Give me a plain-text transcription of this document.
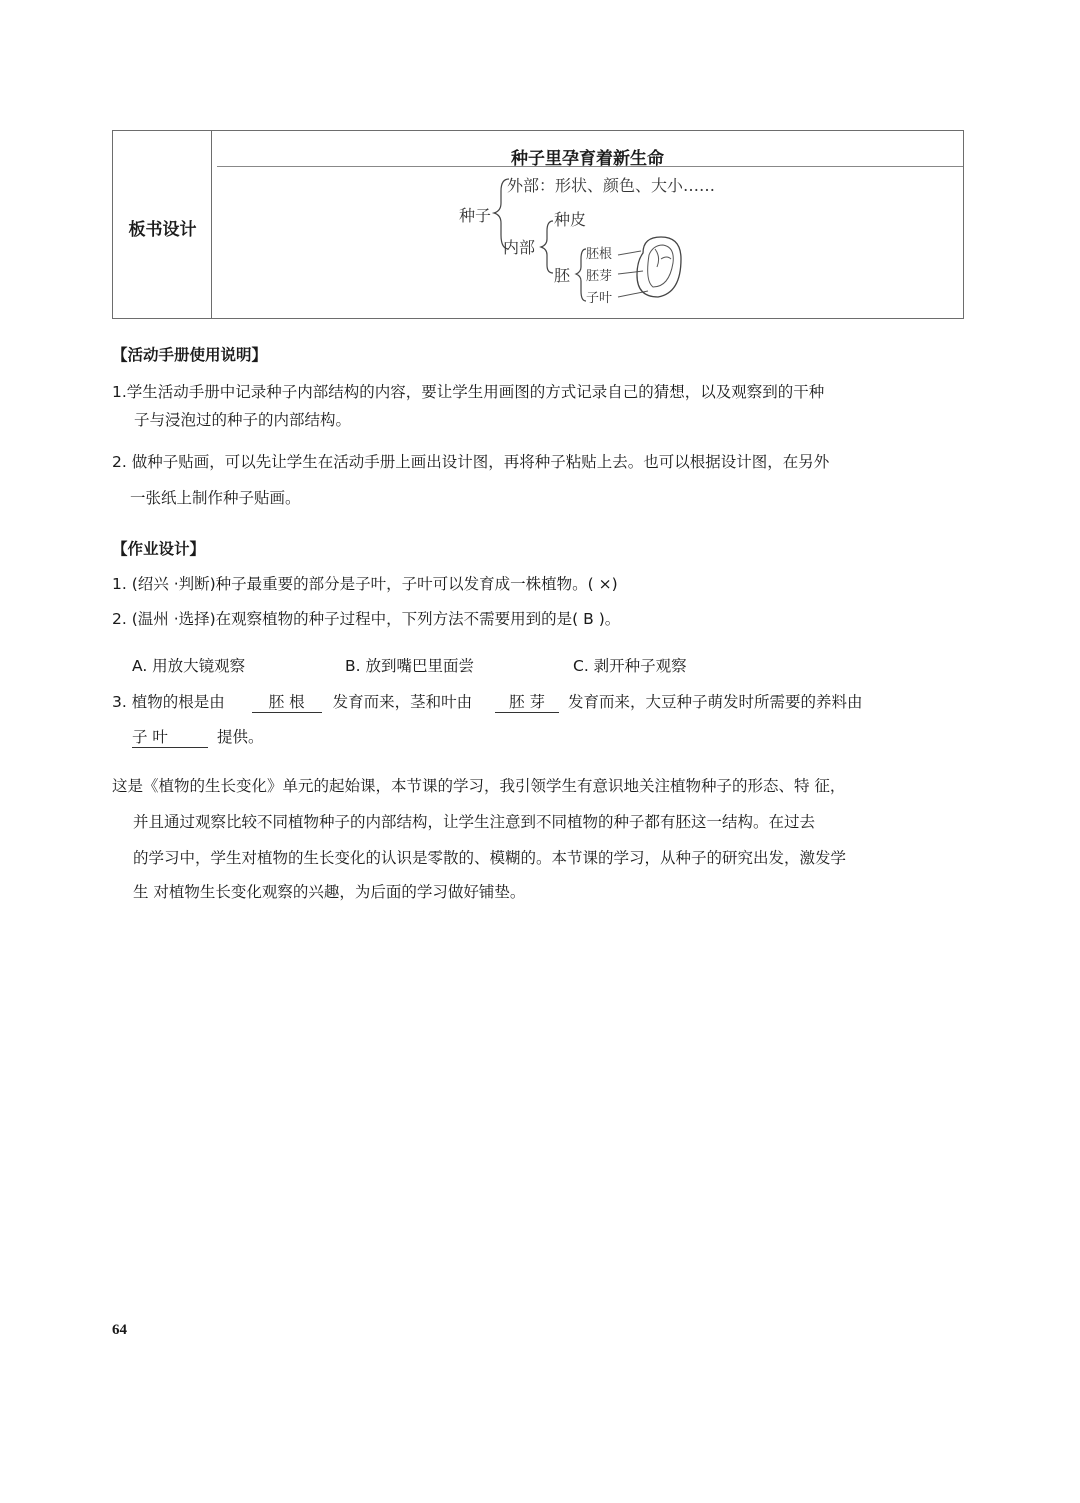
板书设计
种子里孕育着新生命
种子
外部：形状、颜色、大小……
内部
种皮
胚
胚根
胚芽
子叶
【活动手册使用说明】
1.学生活动手册中记录种子内部结构的内容，要让学生用画图的方式记录自己的猜想，以及观察到的干种
子与浸泡过的种子的内部结构。
2. 做种子贴画，可以先让学生在活动手册上画出设计图，再将种子粘贴上去。也可以根据设计图，在另外
一张纸上制作种子贴画。
【作业设计】
1. (绍兴 ·判断)种子最重要的部分是子叶，子叶可以发育成一株植物。( ×)
2. (温州 ·选择)在观察植物的种子过程中，下列方法不需要用到的是( B )。
A. 用放大镜观察	B. 放到嘴巴里面尝	C. 剥开种子观察
3. 植物的根是由	胚 根 发育而来，茎和叶由 胚 芽 发育而来，大豆种子萌发时所需要的养料由
子 叶	提供。
这是《植物的生长变化》单元的起始课，本节课的学习，我引领学生有意识地关注植物种子的形态、特 征，
并且通过观察比较不同植物种子的内部结构，让学生注意到不同植物的种子都有胚这一结构。在过去
的学习中，学生对植物的生长变化的认识是零散的、模糊的。本节课的学习，从种子的研究出发，激发学
生 对植物生长变化观察的兴趣，为后面的学习做好铺垫。
64
